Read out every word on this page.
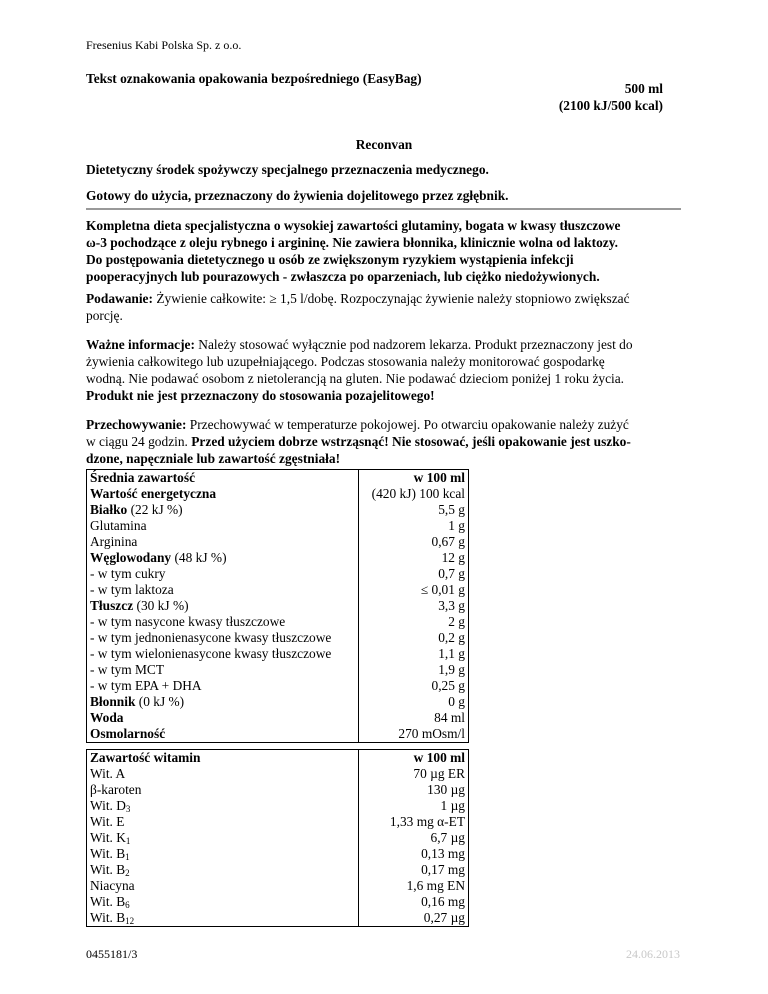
Fresenius Kabi Polska Sp. z o.o.
Tekst oznakowania opakowania bezpośredniego (EasyBag)
500 ml
(2100 kJ/500 kcal)
Reconvan
Dietetyczny środek spożywczy specjalnego przeznaczenia medycznego.
Gotowy do użycia, przeznaczony do żywienia dojelitowego przez zgłębnik.
Kompletna dieta specjalistyczna o wysokiej zawartości glutaminy, bogata w kwasy tłuszczowe
ω-3 pochodzące z oleju rybnego i argininę. Nie zawiera błonnika, klinicznie wolna od laktozy.
Do postępowania dietetycznego u osób ze zwiększonym ryzykiem wystąpienia infekcji
pooperacyjnych lub pourazowych - zwłaszcza po oparzeniach, lub ciężko niedożywionych.
Podawanie: Żywienie całkowite: ≥ 1,5 l/dobę. Rozpoczynając żywienie należy stopniowo zwiększać
porcję.
Ważne informacje: Należy stosować wyłącznie pod nadzorem lekarza. Produkt przeznaczony jest do
żywienia całkowitego lub uzupełniającego. Podczas stosowania należy monitorować gospodarkę
wodną. Nie podawać osobom z nietolerancją na gluten. Nie podawać dzieciom poniżej 1 roku życia.
Produkt nie jest przeznaczony do stosowania pozajelitowego!
Przechowywanie: Przechowywać w temperaturze pokojowej. Po otwarciu opakowanie należy zużyć
w ciągu 24 godzin. Przed użyciem dobrze wstrząsnąć! Nie stosować, jeśli opakowanie jest uszko-
dzone, napęczniale lub zawartość zgęstniała!
Średnia zawartość	w 100 ml
Wartość energetyczna	(420 kJ) 100 kcal
Białko (22 kJ %)	5,5 g
Glutamina	1 g
Arginina	0,67 g
Węglowodany (48 kJ %)	12 g
- w tym cukry	0,7 g
- w tym laktoza	≤ 0,01 g
Tłuszcz (30 kJ %)	3,3 g
- w tym nasycone kwasy tłuszczowe	2 g
- w tym jednonienasycone kwasy tłuszczowe	0,2 g
- w tym wielonienasycone kwasy tłuszczowe	1,1 g
- w tym MCT	1,9 g
- w tym EPA + DHA	0,25 g
Błonnik (0 kJ %)	0 g
Woda	84 ml
Osmolarność	270 mOsm/l
Zawartość witamin	w 100 ml
Wit. A	70 µg ER
β-karoten	130 µg
Wit. $D_3$	1 µg
Wit. E	1,33 mg α-ET
Wit. $K_1$	6,7 µg
Wit. $B_1$	0,13 mg
Wit. $B_2$	0,17 mg
Niacyna	1,6 mg EN
Wit. $B_6$	0,16 mg
Wit. $B_{12}$	0,27 µg
0455181/3	24.06.2013
